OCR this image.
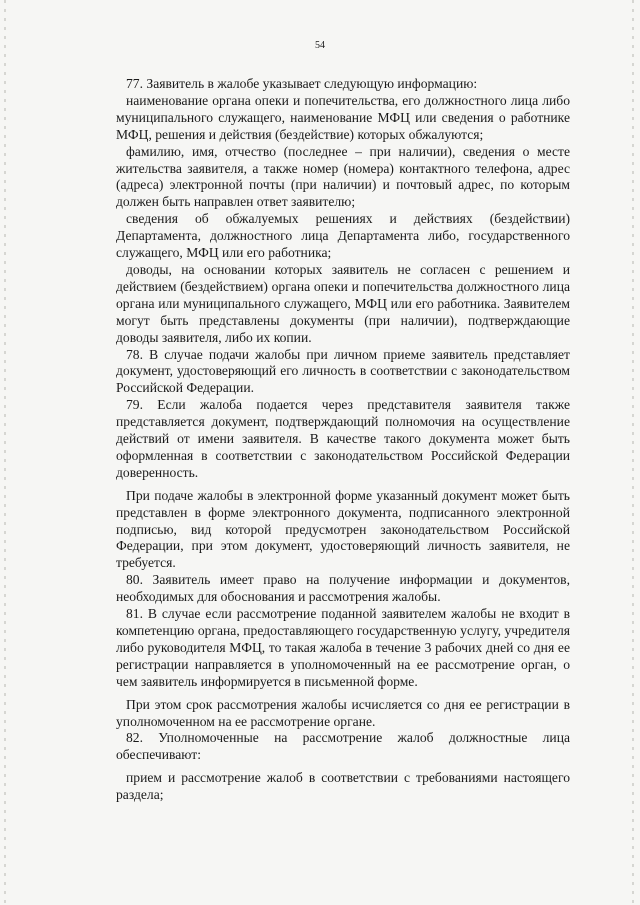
54

77. Заявитель в жалобе указывает следующую информацию:

наименование органа опеки и попечительства, его должностного лица либо муниципального служащего, наименование МФЦ или сведения о работнике МФЦ, решения и действия (бездействие) которых обжалуются;

фамилию, имя, отчество (последнее – при наличии), сведения о месте жительства заявителя, а также номер (номера) контактного телефона, адрес (адреса) электронной почты (при наличии) и почтовый адрес, по которым должен быть направлен ответ заявителю;

сведения об обжалуемых решениях и действиях (бездействии) Департамента, должностного лица Департамента либо, государственного служащего, МФЦ или его работника;

доводы, на основании которых заявитель не согласен с решением и действием (бездействием) органа опеки и попечительства должностного лица органа или муниципального служащего, МФЦ или его работника. Заявителем могут быть представлены документы (при наличии), подтверждающие доводы заявителя, либо их копии.

78. В случае подачи жалобы при личном приеме заявитель представляет документ, удостоверяющий его личность в соответствии с законодательством Российской Федерации.

79. Если жалоба подается через представителя заявителя также представляется документ, подтверждающий полномочия на осуществление действий от имени заявителя. В качестве такого документа может быть оформленная в соответствии с законодательством Российской Федерации доверенность.

При подаче жалобы в электронной форме указанный документ может быть представлен в форме электронного документа, подписанного электронной подписью, вид которой предусмотрен законодательством Российской Федерации, при этом документ, удостоверяющий личность заявителя, не требуется.

80. Заявитель имеет право на получение информации и документов, необходимых для обоснования и рассмотрения жалобы.

81. В случае если рассмотрение поданной заявителем жалобы не входит в компетенцию органа, предоставляющего государственную услугу, учредителя либо руководителя МФЦ, то такая жалоба в течение 3 рабочих дней со дня ее регистрации направляется в уполномоченный на ее рассмотрение орган, о чем заявитель информируется в письменной форме.

При этом срок рассмотрения жалобы исчисляется со дня ее регистрации в уполномоченном на ее рассмотрение органе.

82. Уполномоченные на рассмотрение жалоб должностные лица обеспечивают:

прием и рассмотрение жалоб в соответствии с требованиями настоящего раздела;
